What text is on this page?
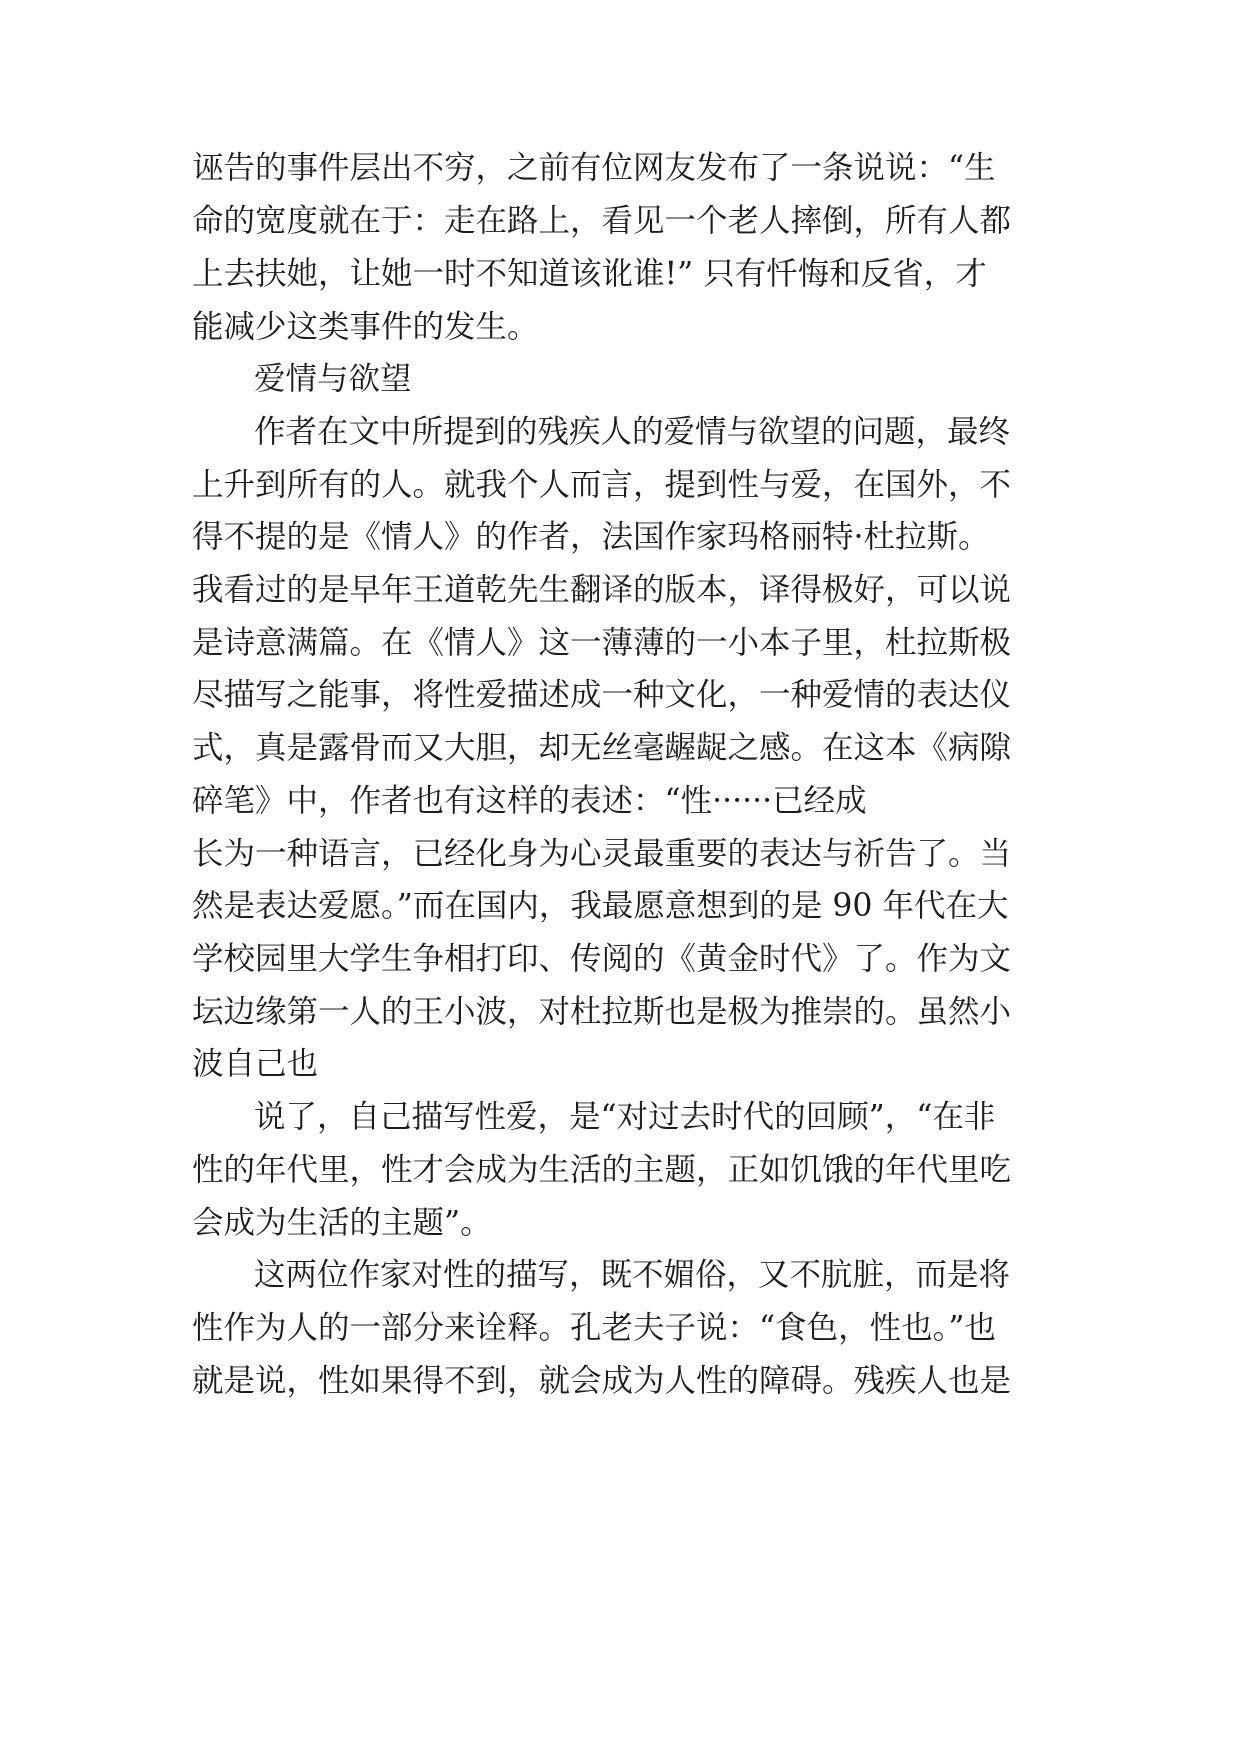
诬告的事件层出不穷，之前有位网友发布了一条说说：“生
命的宽度就在于：走在路上，看见一个老人摔倒，所有人都
上去扶她，让她一时不知道该讹谁!” 只有忏悔和反省，才
能减少这类事件的发生。
爱情与欲望
作者在文中所提到的残疾人的爱情与欲望的问题，最终
上升到所有的人。就我个人而言，提到性与爱，在国外，不
得不提的是《情人》的作者，法国作家玛格丽特·杜拉斯。
我看过的是早年王道乾先生翻译的版本，译得极好，可以说
是诗意满篇。在《情人》这一薄薄的一小本子里，杜拉斯极
尽描写之能事，将性爱描述成一种文化，一种爱情的表达仪
式，真是露骨而又大胆，却无丝毫龌龊之感。在这本《病隙
碎笔》中，作者也有这样的表述：“性······已经成
长为一种语言，已经化身为心灵最重要的表达与祈告了。当
然是表达爱愿。”而在国内，我最愿意想到的是 90 年代在大
学校园里大学生争相打印、传阅的《黄金时代》了。作为文
坛边缘第一人的王小波，对杜拉斯也是极为推崇的。虽然小
波自己也
说了，自己描写性爱，是“对过去时代的回顾”，“在非
性的年代里，性才会成为生活的主题，正如饥饿的年代里吃
会成为生活的主题”。
这两位作家对性的描写，既不媚俗，又不肮脏，而是将
性作为人的一部分来诠释。孔老夫子说：“食色，性也。”也
就是说，性如果得不到，就会成为人性的障碍。残疾人也是
